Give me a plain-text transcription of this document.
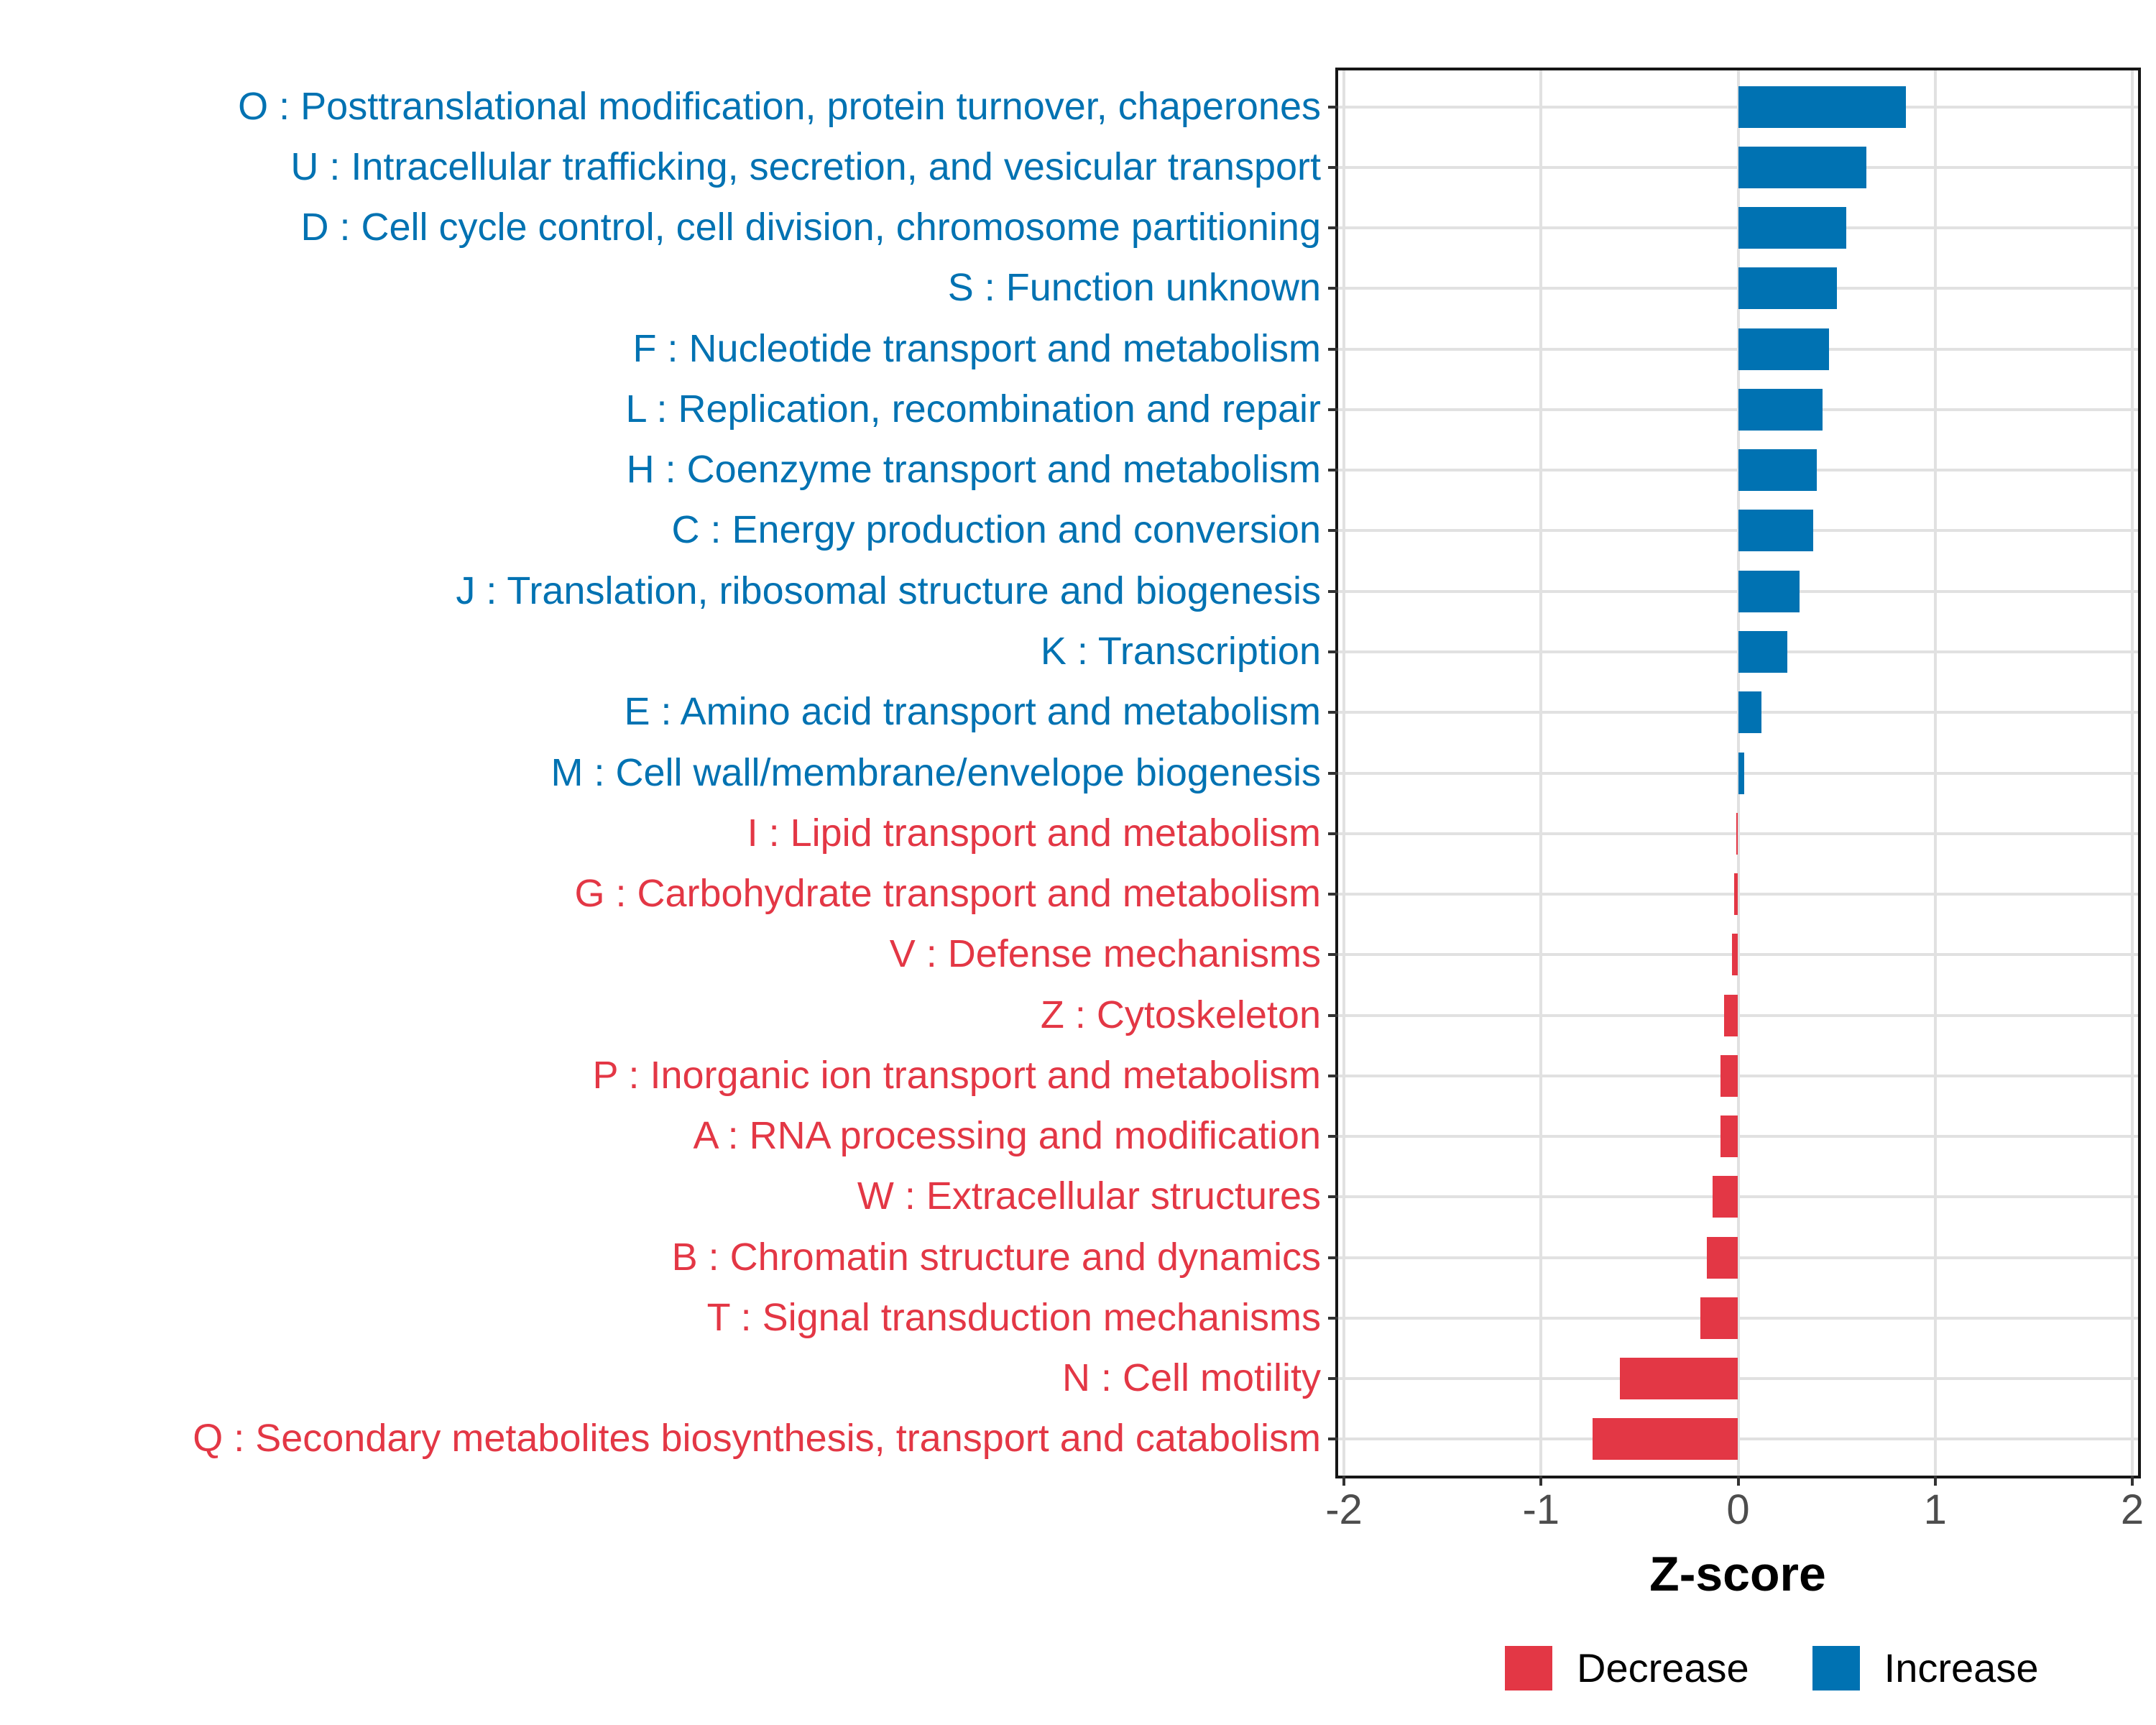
O : Posttranslational modification, protein turnover, chaperones
U : Intracellular trafficking, secretion, and vesicular transport
D : Cell cycle control, cell division, chromosome partitioning
S : Function unknown
F : Nucleotide transport and metabolism
L : Replication, recombination and repair
H : Coenzyme transport and metabolism
C : Energy production and conversion
J : Translation, ribosomal structure and biogenesis
K : Transcription
E : Amino acid transport and metabolism
M : Cell wall/membrane/envelope biogenesis
I : Lipid transport and metabolism
G : Carbohydrate transport and metabolism
V : Defense mechanisms
Z : Cytoskeleton
P : Inorganic ion transport and metabolism
A : RNA processing and modification
W : Extracellular structures
B : Chromatin structure and dynamics
T : Signal transduction mechanisms
N : Cell motility
Q : Secondary metabolites biosynthesis, transport and catabolism
-2	-1	0	1	2
Z-score
Decrease	Increase
